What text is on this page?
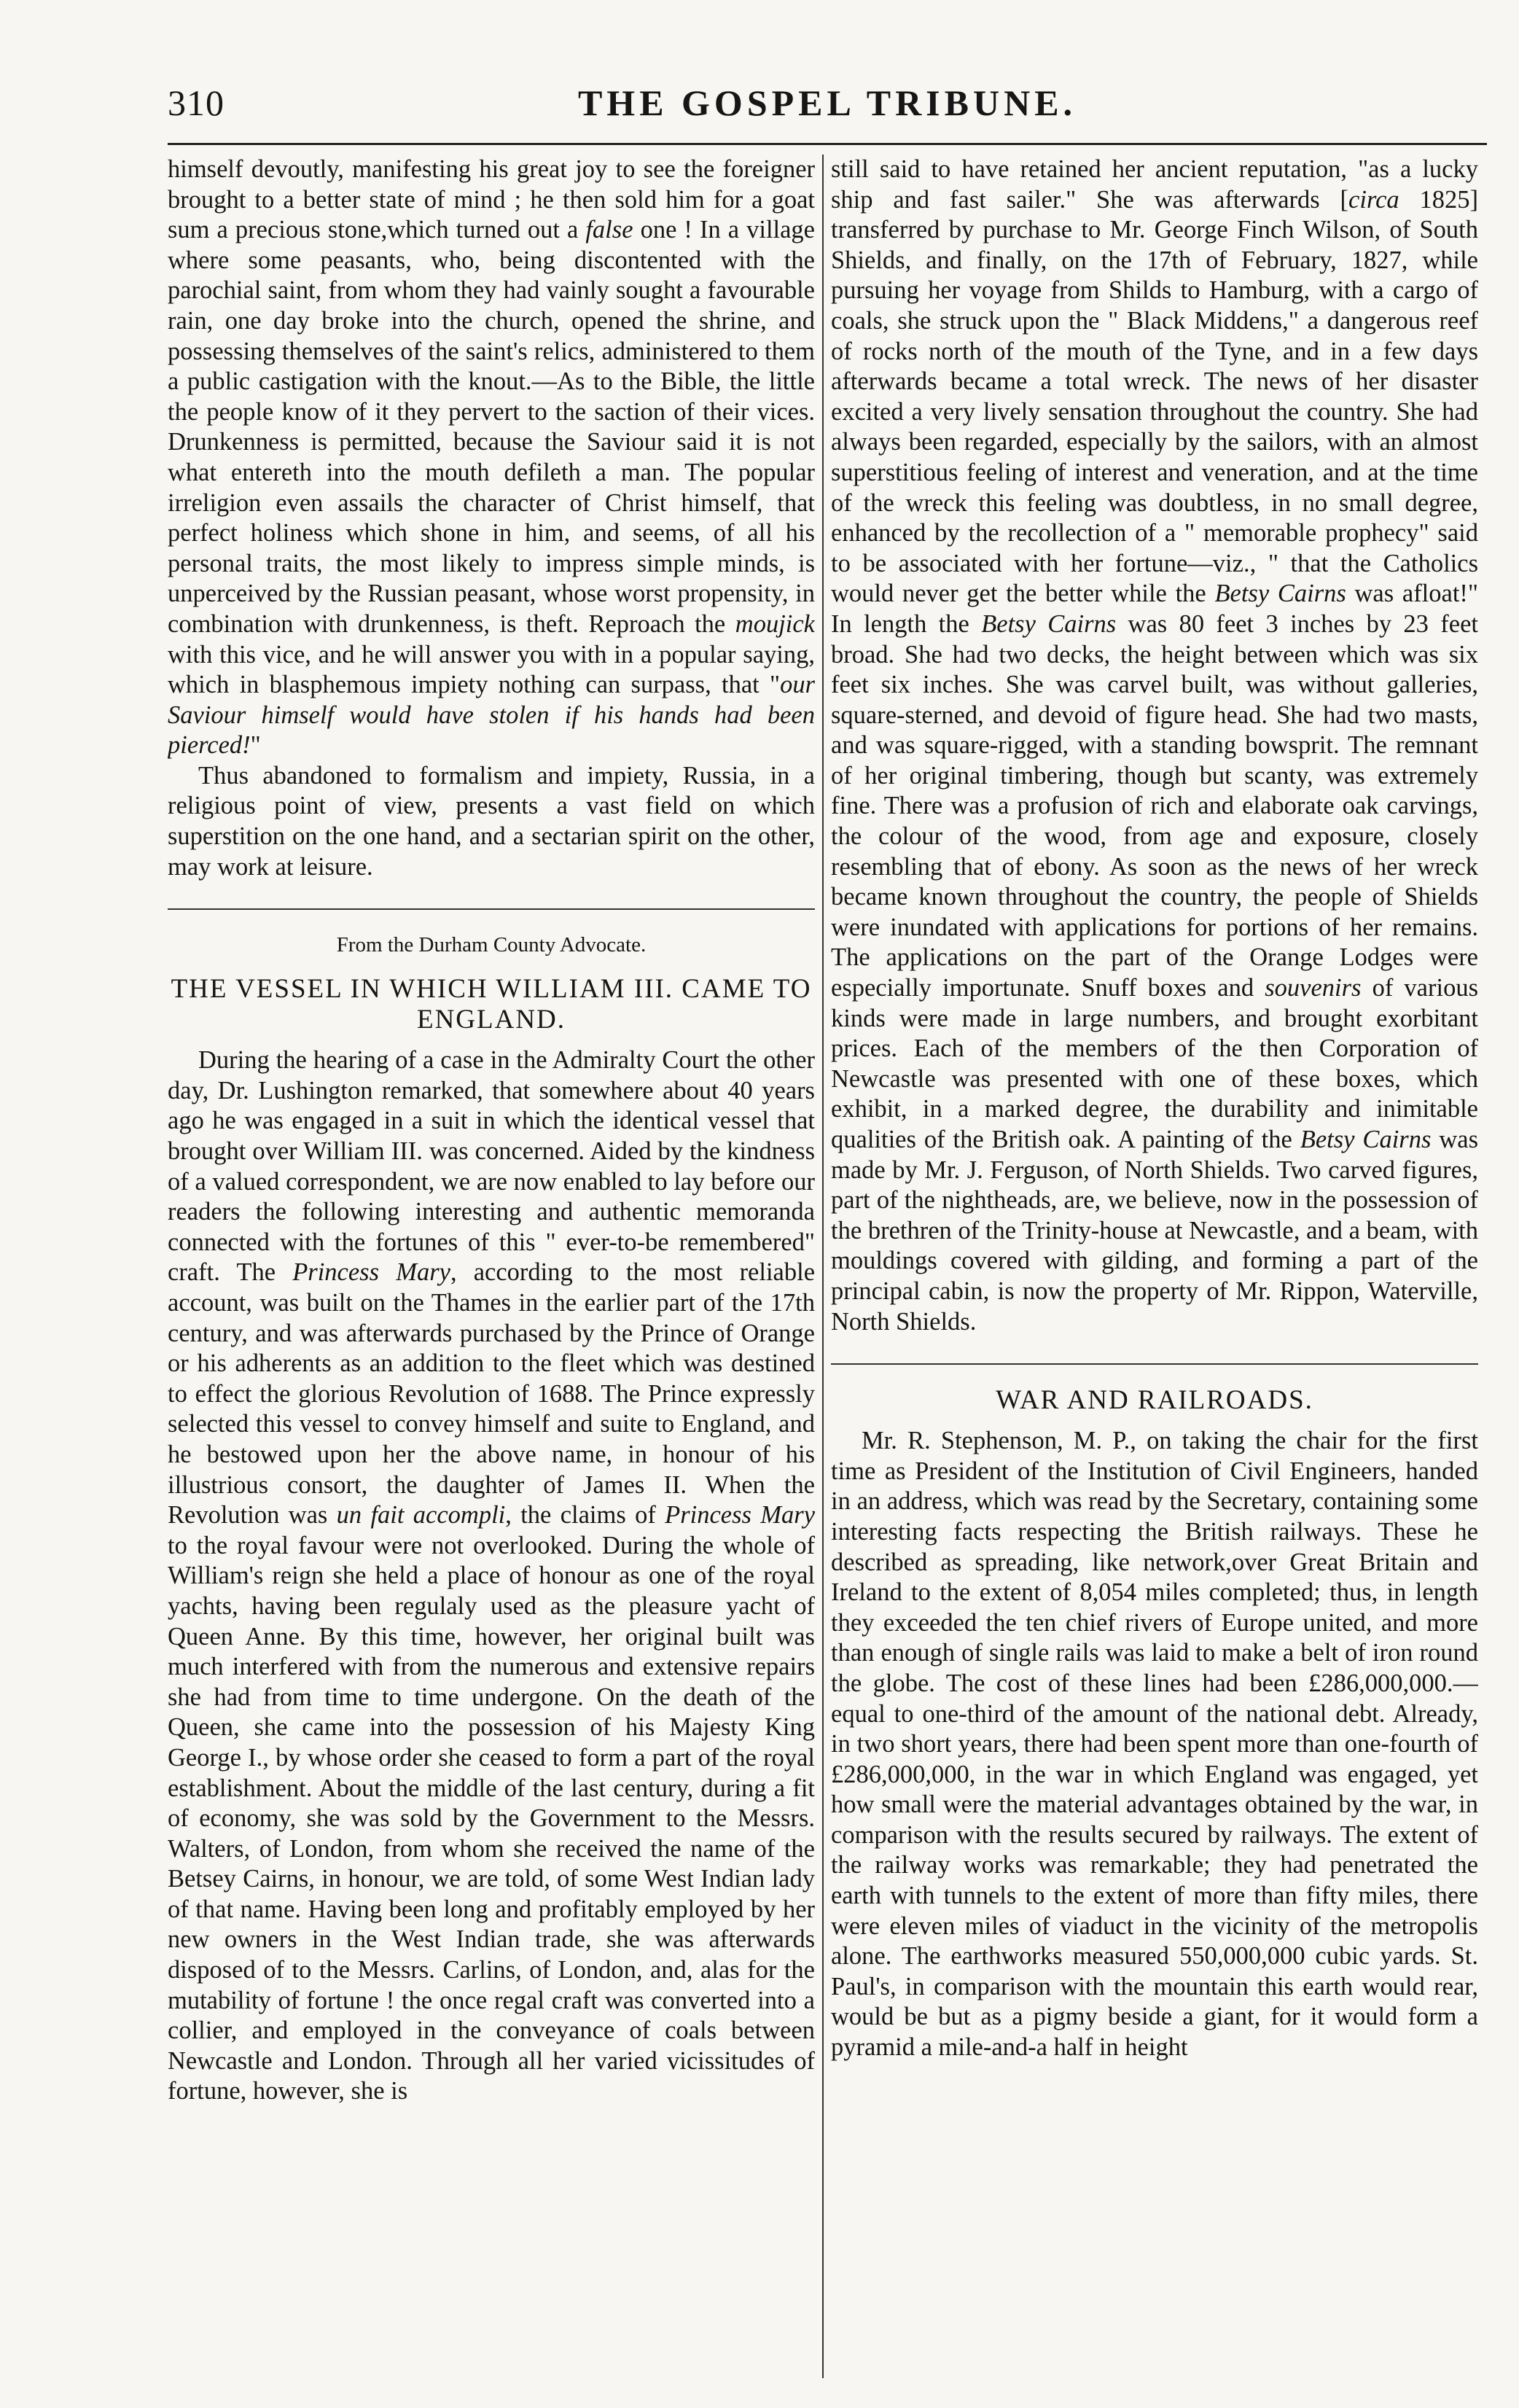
310	THE GOSPEL TRIBUNE.

himself devoutly, manifesting his great joy to see the foreigner brought to a better state of mind ; he then sold him for a goat sum a precious stone,which turned out a false one ! In a village where some peasants, who, being discontented with the parochial saint, from whom they had vainly sought a favourable rain, one day broke into the church, opened the shrine, and possessing themselves of the saint's relics, administered to them a public castigation with the knout.—As to the Bible, the little the people know of it they pervert to the saction of their vices. Drunkenness is permitted, because the Saviour said it is not what entereth into the mouth defileth a man. The popular irreligion even assails the character of Christ himself, that perfect holiness which shone in him, and seems, of all his personal traits, the most likely to impress simple minds, is unperceived by the Russian peasant, whose worst propensity, in combination with drunkenness, is theft. Reproach the moujick with this vice, and he will answer you with in a popular saying, which in blasphemous impiety nothing can surpass, that "our Saviour himself would have stolen if his hands had been pierced!"

Thus abandoned to formalism and impiety, Russia, in a religious point of view, presents a vast field on which superstition on the one hand, and a sectarian spirit on the other, may work at leisure.

From the Durham County Advocate.
THE VESSEL IN WHICH WILLIAM III. CAME TO ENGLAND.

During the hearing of a case in the Admiralty Court the other day, Dr. Lushington remarked, that somewhere about 40 years ago he was engaged in a suit in which the identical vessel that brought over William III. was concerned. Aided by the kindness of a valued correspondent, we are now enabled to lay before our readers the following interesting and authentic memoranda connected with the fortunes of this " ever-to-be remembered" craft. The Princess Mary, according to the most reliable account, was built on the Thames in the earlier part of the 17th century, and was afterwards purchased by the Prince of Orange or his adherents as an addition to the fleet which was destined to effect the glorious Revolution of 1688. The Prince expressly selected this vessel to convey himself and suite to England, and he bestowed upon her the above name, in honour of his illustrious consort, the daughter of James II. When the Revolution was un fait accompli, the claims of Princess Mary to the royal favour were not overlooked. During the whole of William's reign she held a place of honour as one of the royal yachts, having been regulaly used as the pleasure yacht of Queen Anne. By this time, however, her original built was much interfered with from the numerous and extensive repairs she had from time to time undergone. On the death of the Queen, she came into the possession of his Majesty King George I., by whose order she ceased to form a part of the royal establishment. About the middle of the last century, during a fit of economy, she was sold by the Government to the Messrs. Walters, of London, from whom she received the name of the Betsey Cairns, in honour, we are told, of some West Indian lady of that name. Having been long and profitably employed by her new owners in the West Indian trade, she was afterwards disposed of to the Messrs. Carlins, of London, and, alas for the mutability of fortune ! the once regal craft was converted into a collier, and employed in the conveyance of coals between Newcastle and London. Through all her varied vicissitudes of fortune, however, she is

still said to have retained her ancient reputation, "as a lucky ship and fast sailer." She was afterwards [circa 1825] transferred by purchase to Mr. George Finch Wilson, of South Shields, and finally, on the 17th of February, 1827, while pursuing her voyage from Shilds to Hamburg, with a cargo of coals, she struck upon the " Black Middens," a dangerous reef of rocks north of the mouth of the Tyne, and in a few days afterwards became a total wreck. The news of her disaster excited a very lively sensation throughout the country. She had always been regarded, especially by the sailors, with an almost superstitious feeling of interest and veneration, and at the time of the wreck this feeling was doubtless, in no small degree, enhanced by the recollection of a " memorable prophecy" said to be associated with her fortune—viz., " that the Catholics would never get the better while the Betsy Cairns was afloat!" In length the Betsy Cairns was 80 feet 3 inches by 23 feet broad. She had two decks, the height between which was six feet six inches. She was carvel built, was without galleries, square-sterned, and devoid of figure head. She had two masts, and was square-rigged, with a standing bowsprit. The remnant of her original timbering, though but scanty, was extremely fine. There was a profusion of rich and elaborate oak carvings, the colour of the wood, from age and exposure, closely resembling that of ebony. As soon as the news of her wreck became known throughout the country, the people of Shields were inundated with applications for portions of her remains. The applications on the part of the Orange Lodges were especially importunate. Snuff boxes and souvenirs of various kinds were made in large numbers, and brought exorbitant prices. Each of the members of the then Corporation of Newcastle was presented with one of these boxes, which exhibit, in a marked degree, the durability and inimitable qualities of the British oak. A painting of the Betsy Cairns was made by Mr. J. Ferguson, of North Shields. Two carved figures, part of the nightheads, are, we believe, now in the possession of the brethren of the Trinity-house at Newcastle, and a beam, with mouldings covered with gilding, and forming a part of the principal cabin, is now the property of Mr. Rippon, Waterville, North Shields.

WAR AND RAILROADS.

Mr. R. Stephenson, M. P., on taking the chair for the first time as President of the Institution of Civil Engineers, handed in an address, which was read by the Secretary, containing some interesting facts respecting the British railways. These he described as spreading, like network,over Great Britain and Ireland to the extent of 8,054 miles completed; thus, in length they exceeded the ten chief rivers of Europe united, and more than enough of single rails was laid to make a belt of iron round the globe. The cost of these lines had been £286,000,000.—equal to one-third of the amount of the national debt. Already, in two short years, there had been spent more than one-fourth of £286,000,000, in the war in which England was engaged, yet how small were the material advantages obtained by the war, in comparison with the results secured by railways. The extent of the railway works was remarkable; they had penetrated the earth with tunnels to the extent of more than fifty miles, there were eleven miles of viaduct in the vicinity of the metropolis alone. The earthworks measured 550,000,000 cubic yards. St. Paul's, in comparison with the mountain this earth would rear, would be but as a pigmy beside a giant, for it would form a pyramid a mile-and-a half in height
